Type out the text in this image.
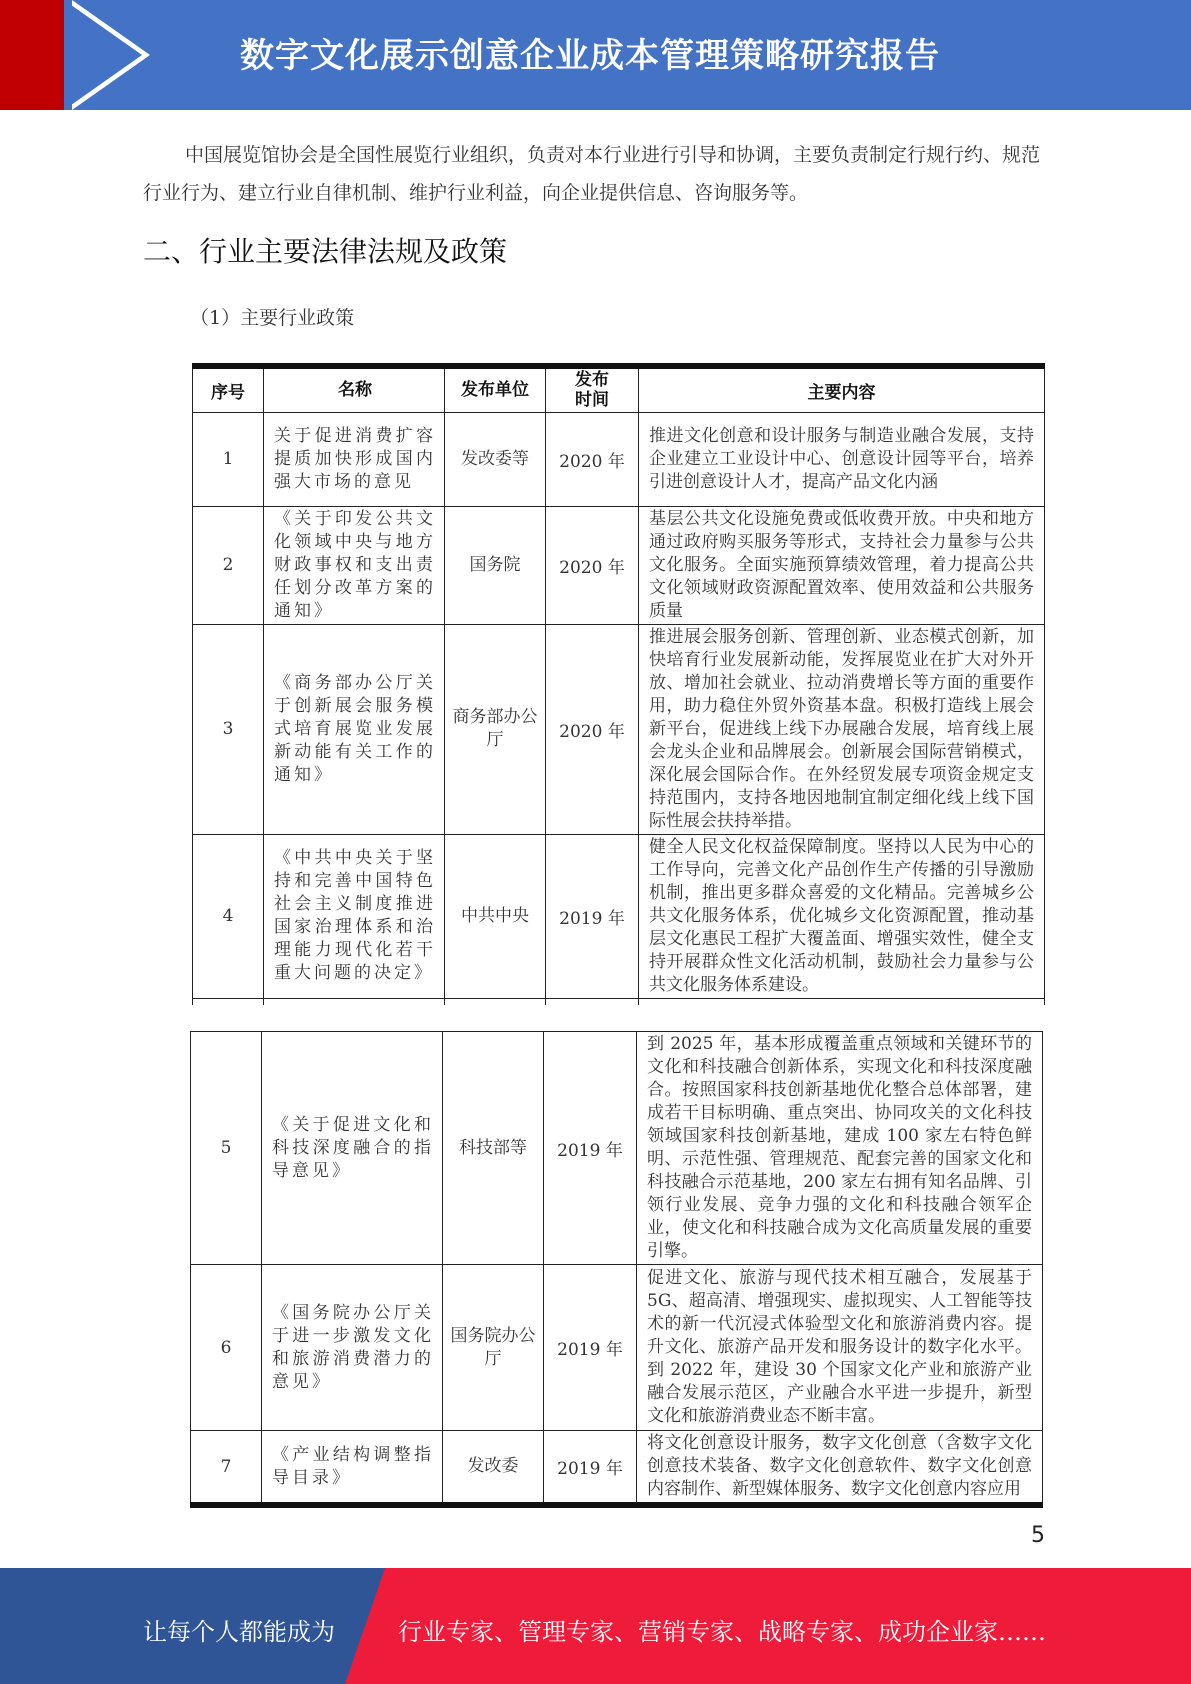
数字文化展示创意企业成本管理策略研究报告
中国展览馆协会是全国性展览行业组织，负责对本行业进行引导和协调，主要负责制定行规行约、规范行业行为、建立行业自律机制、维护行业利益，向企业提供信息、咨询服务等。
二、行业主要法律法规及政策
（1）主要行业政策
序号	名称	发布单位	发布时间	主要内容
1	关于促进消费扩容提质加快形成国内强大市场的意见	发改委等	2020 年	推进文化创意和设计服务与制造业融合发展，支持企业建立工业设计中心、创意设计园等平台，培养引进创意设计人才，提高产品文化内涵
2	《关于印发公共文化领域中央与地方财政事权和支出责任划分改革方案的通知》	国务院	2020 年	基层公共文化设施免费或低收费开放。中央和地方通过政府购买服务等形式，支持社会力量参与公共文化服务。全面实施预算绩效管理，着力提高公共文化领域财政资源配置效率、使用效益和公共服务质量
3	《商务部办公厅关于创新展会服务模式培育展览业发展新动能有关工作的通知》	商务部办公厅	2020 年	推进展会服务创新、管理创新、业态模式创新，加快培育行业发展新动能，发挥展览业在扩大对外开放、增加社会就业、拉动消费增长等方面的重要作用，助力稳住外贸外资基本盘。积极打造线上展会新平台，促进线上线下办展融合发展，培育线上展会龙头企业和品牌展会。创新展会国际营销模式，深化展会国际合作。在外经贸发展专项资金规定支持范围内，支持各地因地制宜制定细化线上线下国际性展会扶持举措。
4	《中共中央关于坚持和完善中国特色社会主义制度推进国家治理体系和治理能力现代化若干重大问题的决定》	中共中央	2019 年	健全人民文化权益保障制度。坚持以人民为中心的工作导向，完善文化产品创作生产传播的引导激励机制，推出更多群众喜爱的文化精品。完善城乡公共文化服务体系，优化城乡文化资源配置，推动基层文化惠民工程扩大覆盖面、增强实效性，健全支持开展群众性文化活动机制，鼓励社会力量参与公共文化服务体系建设。

5	《关于促进文化和科技深度融合的指导意见》	科技部等	2019 年	到 2025 年，基本形成覆盖重点领域和关键环节的文化和科技融合创新体系，实现文化和科技深度融合。按照国家科技创新基地优化整合总体部署，建成若干目标明确、重点突出、协同攻关的文化科技领域国家科技创新基地，建成 100 家左右特色鲜明、示范性强、管理规范、配套完善的国家文化和科技融合示范基地，200 家左右拥有知名品牌、引领行业发展、竞争力强的文化和科技融合领军企业，使文化和科技融合成为文化高质量发展的重要引擎。
6	《国务院办公厅关于进一步激发文化和旅游消费潜力的意见》	国务院办公厅	2019 年	促进文化、旅游与现代技术相互融合，发展基于 5G、超高清、增强现实、虚拟现实、人工智能等技术的新一代沉浸式体验型文化和旅游消费内容。提升文化、旅游产品开发和服务设计的数字化水平。到 2022 年，建设 30 个国家文化产业和旅游产业融合发展示范区，产业融合水平进一步提升，新型文化和旅游消费业态不断丰富。
7	《产业结构调整指导目录》	发改委	2019 年	将文化创意设计服务，数字文化创意（含数字文化创意技术装备、数字文化创意软件、数字文化创意内容制作、新型媒体服务、数字文化创意内容应用
5
让每个人都能成为	行业专家、管理专家、营销专家、战略专家、成功企业家……
